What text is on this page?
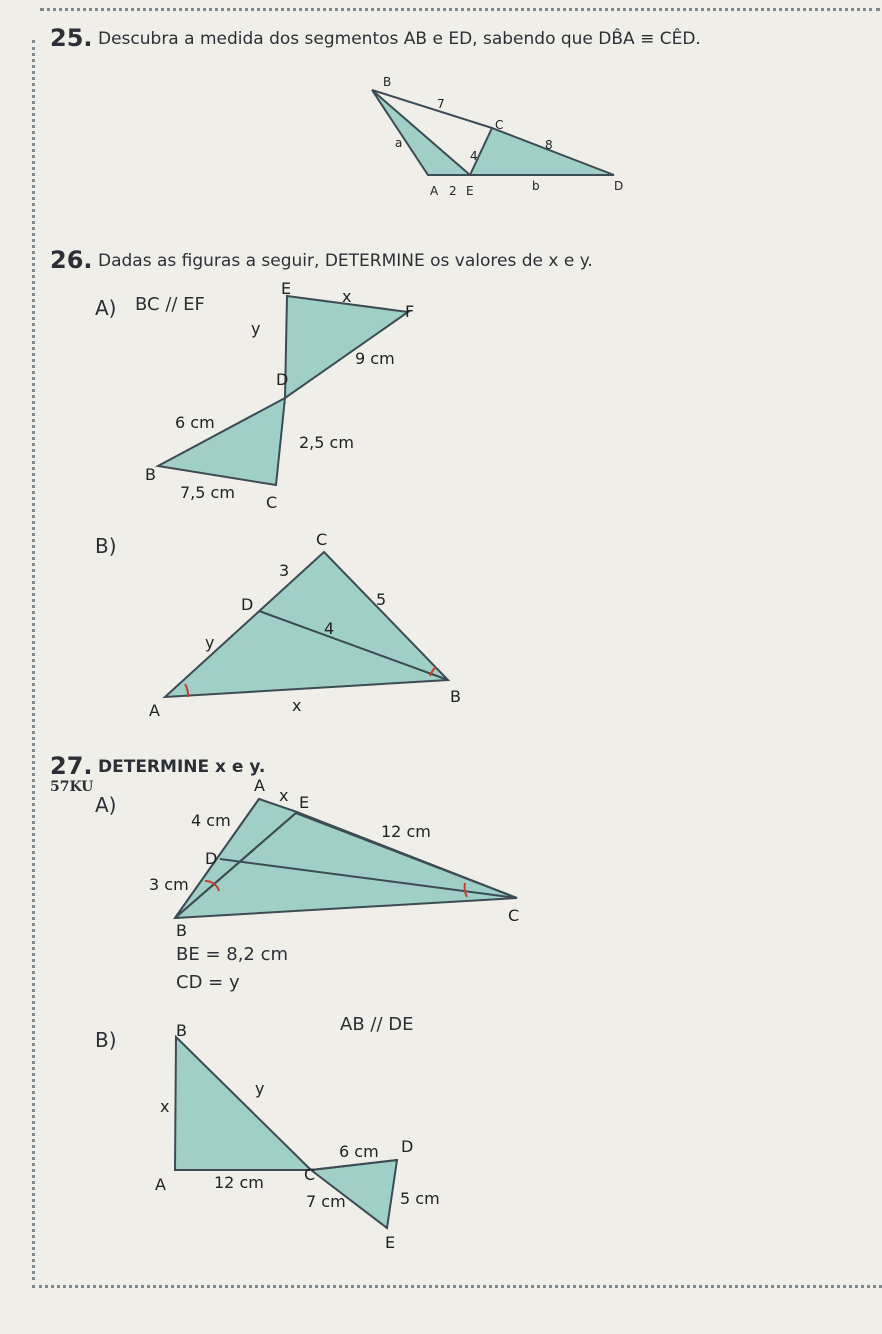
25. Descubra a medida dos segmentos AB e ED, sabendo que DB̂A ≡ CÊD.
B
7
C
a	8
4
A 2 E	b	D
E	x
F
y
9 cm
D
6 cm
2,5 cm
B
7,5 cm
C
C
3
D	5
4
y
A	x	B
A
x E
4 cm
12 cm
D
3 cm
B
C
B
y
x
6 cm D
A	12 cm	C
7 cm	5 cm
E
26. Dadas as figuras a seguir, DETERMINE os valores de x e y.
A) BC // EF
B)
27. DETERMINE x e y.
57KU
A)
BE = 8,2 cm
CD = y
B)
AB // DE
